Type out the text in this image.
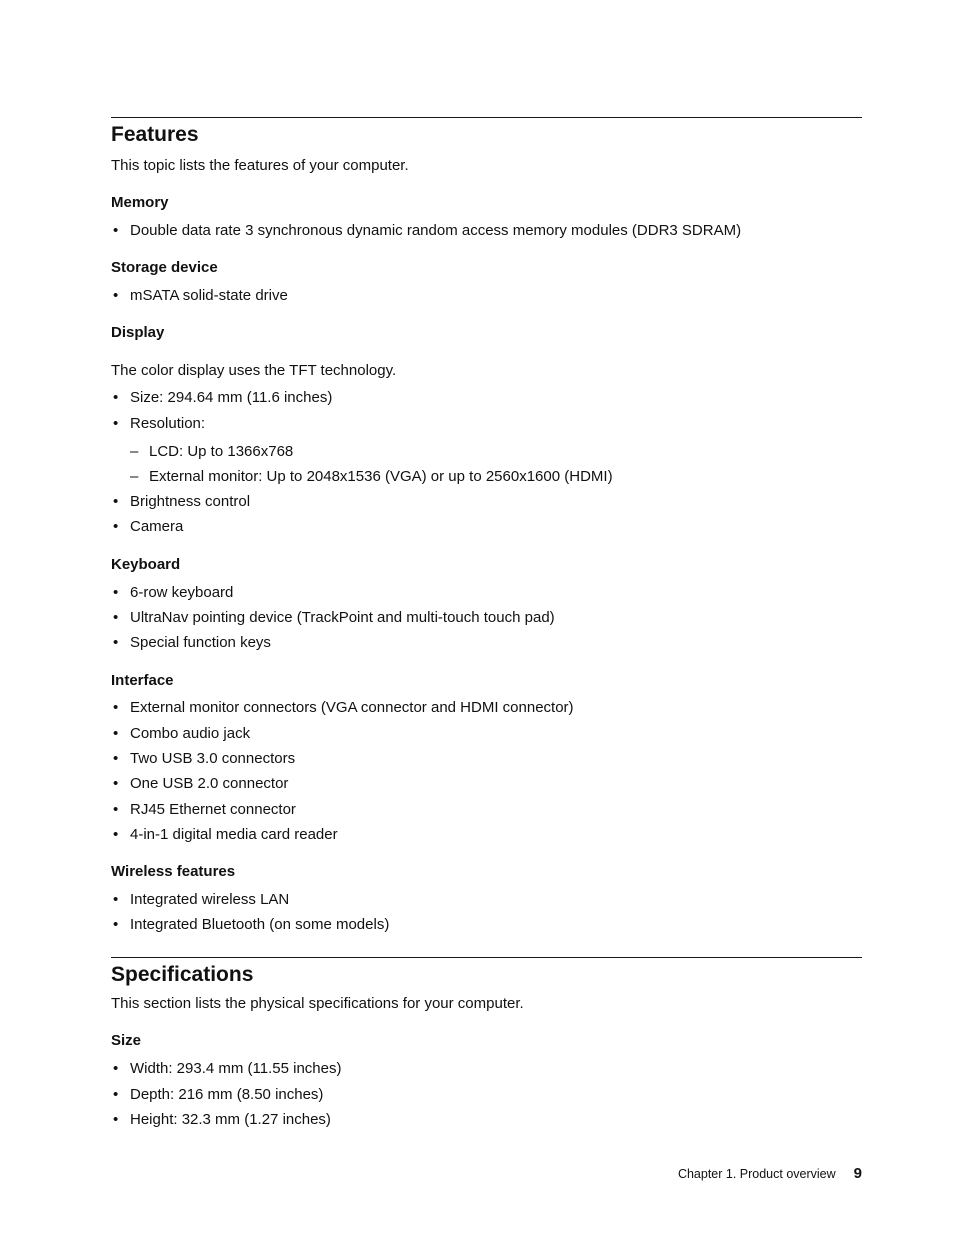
Features

This topic lists the features of your computer.

Memory
• Double data rate 3 synchronous dynamic random access memory modules (DDR3 SDRAM)
Storage device
• mSATA solid-state drive
Display

The color display uses the TFT technology.

• Size: 294.64 mm (11.6 inches)
• Resolution:
– LCD: Up to 1366x768
– External monitor: Up to 2048x1536 (VGA) or up to 2560x1600 (HDMI)
• Brightness control
• Camera
Keyboard
• 6-row keyboard
• UltraNav pointing device (TrackPoint and multi-touch touch pad)
• Special function keys
Interface
• External monitor connectors (VGA connector and HDMI connector)
• Combo audio jack
• Two USB 3.0 connectors
• One USB 2.0 connector
• RJ45 Ethernet connector
• 4-in-1 digital media card reader
Wireless features
• Integrated wireless LAN
• Integrated Bluetooth (on some models)
Specifications

This section lists the physical specifications for your computer.

Size
• Width: 293.4 mm (11.55 inches)
• Depth: 216 mm (8.50 inches)
• Height: 32.3 mm (1.27 inches)
Chapter 1. Product overview 9
